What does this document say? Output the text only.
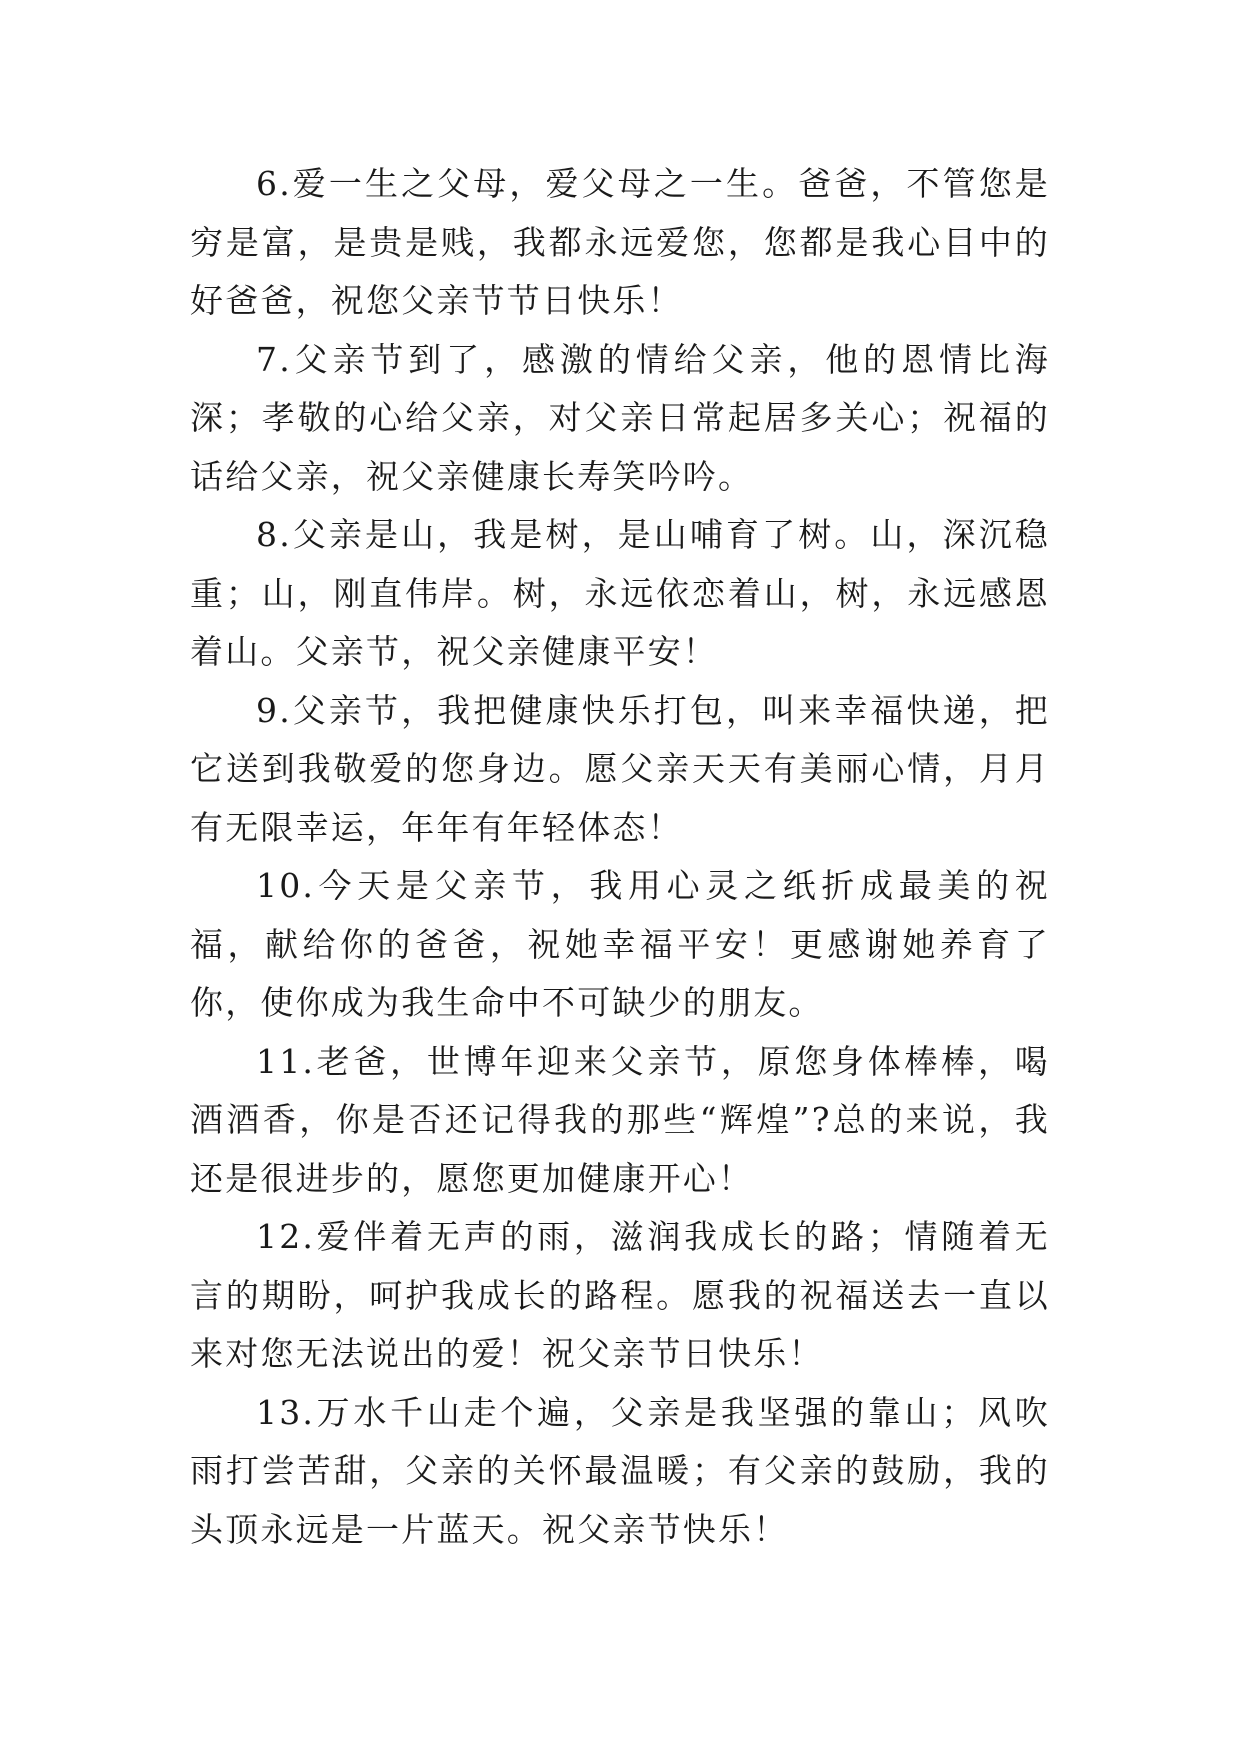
6.爱一生之父母，爱父母之一生。爸爸，不管您是穷是富，是贵是贱，我都永远爱您，您都是我心目中的好爸爸，祝您父亲节节日快乐！

7.父亲节到了，感激的情给父亲，他的恩情比海深；孝敬的心给父亲，对父亲日常起居多关心；祝福的话给父亲，祝父亲健康长寿笑吟吟。

8.父亲是山，我是树，是山哺育了树。山，深沉稳重；山，刚直伟岸。树，永远依恋着山，树，永远感恩着山。父亲节，祝父亲健康平安！

9.父亲节，我把健康快乐打包，叫来幸福快递，把它送到我敬爱的您身边。愿父亲天天有美丽心情，月月有无限幸运，年年有年轻体态！

10.今天是父亲节，我用心灵之纸折成最美的祝福，献给你的爸爸，祝她幸福平安！更感谢她养育了你，使你成为我生命中不可缺少的朋友。

11.老爸，世博年迎来父亲节，原您身体棒棒，喝酒酒香，你是否还记得我的那些“辉煌”?总的来说，我还是很进步的，愿您更加健康开心！

12.爱伴着无声的雨，滋润我成长的路；情随着无言的期盼，呵护我成长的路程。愿我的祝福送去一直以来对您无法说出的爱！祝父亲节日快乐！

13.万水千山走个遍，父亲是我坚强的靠山；风吹雨打尝苦甜，父亲的关怀最温暖；有父亲的鼓励，我的头顶永远是一片蓝天。祝父亲节快乐！
